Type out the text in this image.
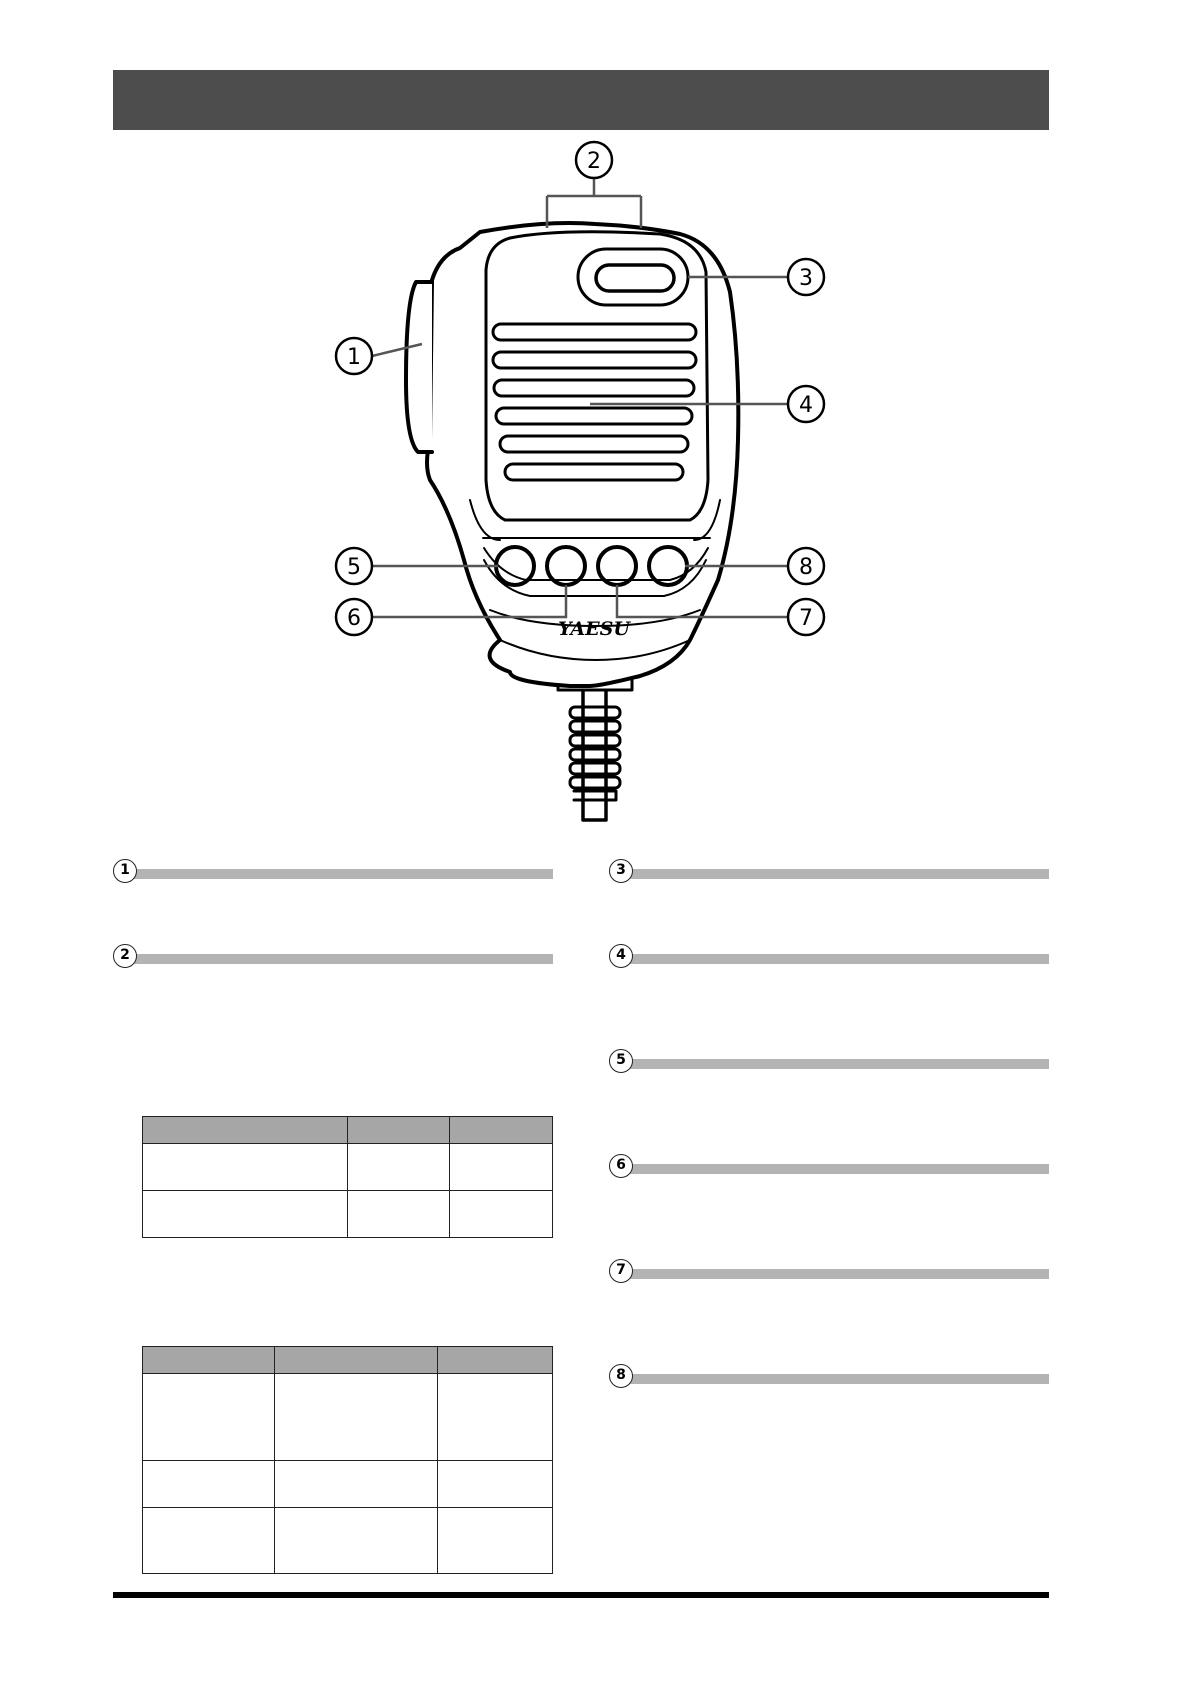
YAESU
1
2
3
4
5
6	7
8
1
2
3
4
5
6
7
8
